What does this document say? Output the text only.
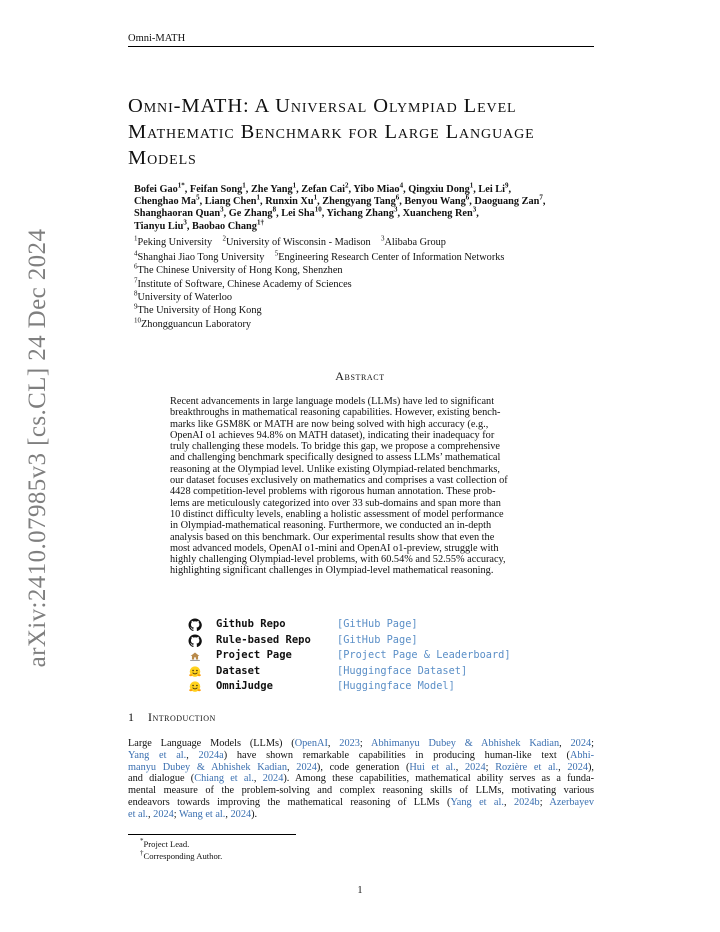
arXiv:2410.07985v3 [cs.CL] 24 Dec 2024
Omni-MATH
Omni-MATH: A Universal Olympiad Level
Mathematic Benchmark for Large Language
Models
Bofei Gao$^{1*}$, Feifan Song$^1$, Zhe Yang$^1$, Zefan Cai$^2$, Yibo Miao$^4$, Qingxiu Dong$^1$, Lei Li$^9$,
Chenghao Ma$^5$, Liang Chen$^1$, Runxin Xu$^1$, Zhengyang Tang$^6$, Benyou Wang$^6$, Daoguang Zan$^7$,
Shanghaoran Quan$^3$, Ge Zhang$^8$, Lei Sha$^{10}$, Yichang Zhang$^3$, Xuancheng Ren$^3$,
Tianyu Liu$^3$, Baobao Chang$^{1\dagger}$
$^1$Peking University  $^2$University of Wisconsin - Madison  $^3$Alibaba Group
$^4$Shanghai Jiao Tong University  $^5$Engineering Research Center of Information Networks
$^6$The Chinese University of Hong Kong, Shenzhen
$^7$Institute of Software, Chinese Academy of Sciences
$^8$University of Waterloo
$^9$The University of Hong Kong
$^{10}$Zhongguancun Laboratory
Abstract
Recent advancements in large language models (LLMs) have led to significant
breakthroughs in mathematical reasoning capabilities. However, existing bench-
marks like GSM8K or MATH are now being solved with high accuracy (e.g.,
OpenAI o1 achieves 94.8% on MATH dataset), indicating their inadequacy for
truly challenging these models. To bridge this gap, we propose a comprehensive
and challenging benchmark specifically designed to assess LLMs’ mathematical
reasoning at the Olympiad level. Unlike existing Olympiad-related benchmarks,
our dataset focuses exclusively on mathematics and comprises a vast collection of
4428 competition-level problems with rigorous human annotation. These prob-
lems are meticulously categorized into over 33 sub-domains and span more than
10 distinct difficulty levels, enabling a holistic assessment of model performance
in Olympiad-mathematical reasoning. Furthermore, we conducted an in-depth
analysis based on this benchmark. Our experimental results show that even the
most advanced models, OpenAI o1-mini and OpenAI o1-preview, struggle with
highly challenging Olympiad-level problems, with 60.54% and 52.55% accuracy,
highlighting significant challenges in Olympiad-level mathematical reasoning.
Github Repo	[GitHub Page]
Rule-based Repo	[GitHub Page]
Project Page	[Project Page & Leaderboard]
Dataset	[Huggingface Dataset]
OmniJudge	[Huggingface Model]
1 Introduction
Large Language Models (LLMs) (OpenAI, 2023; Abhimanyu Dubey & Abhishek Kadian, 2024;
Yang et al., 2024a) have shown remarkable capabilities in producing human-like text (Abhi-
manyu Dubey & Abhishek Kadian, 2024), code generation (Hui et al., 2024; Rozière et al., 2024),
and dialogue (Chiang et al., 2024). Among these capabilities, mathematical ability serves as a funda-
mental measure of the problem-solving and complex reasoning skills of LLMs, motivating various
endeavors towards improving the mathematical reasoning of LLMs (Yang et al., 2024b; Azerbayev
et al., 2024; Wang et al., 2024).
*Project Lead.
†Corresponding Author.
1
